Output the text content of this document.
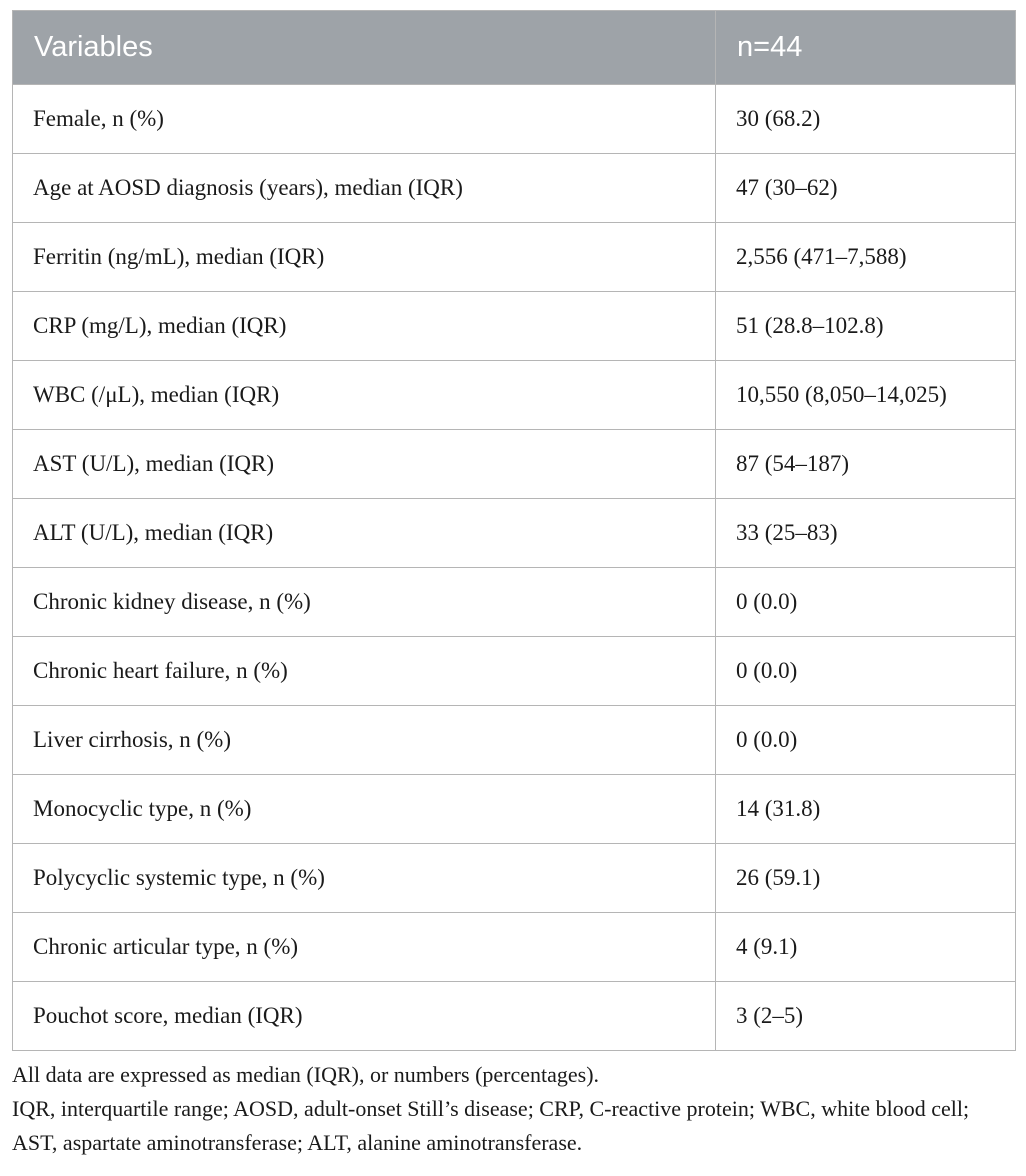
Variables	n=44
Female, n (%)	30 (68.2)
Age at AOSD diagnosis (years), median (IQR)	47 (30–62)
Ferritin (ng/mL), median (IQR)	2,556 (471–7,588)
CRP (mg/L), median (IQR)	51 (28.8–102.8)
WBC (/μL), median (IQR)	10,550 (8,050–14,025)
AST (U/L), median (IQR)	87 (54–187)
ALT (U/L), median (IQR)	33 (25–83)
Chronic kidney disease, n (%)	0 (0.0)
Chronic heart failure, n (%)	0 (0.0)
Liver cirrhosis, n (%)	0 (0.0)
Monocyclic type, n (%)	14 (31.8)
Polycyclic systemic type, n (%)	26 (59.1)
Chronic articular type, n (%)	4 (9.1)
Pouchot score, median (IQR)	3 (2–5)

All data are expressed as median (IQR), or numbers (percentages).

IQR, interquartile range; AOSD, adult-onset Still’s disease; CRP, C-reactive protein; WBC, white blood cell; AST, aspartate aminotransferase; ALT, alanine aminotransferase.
